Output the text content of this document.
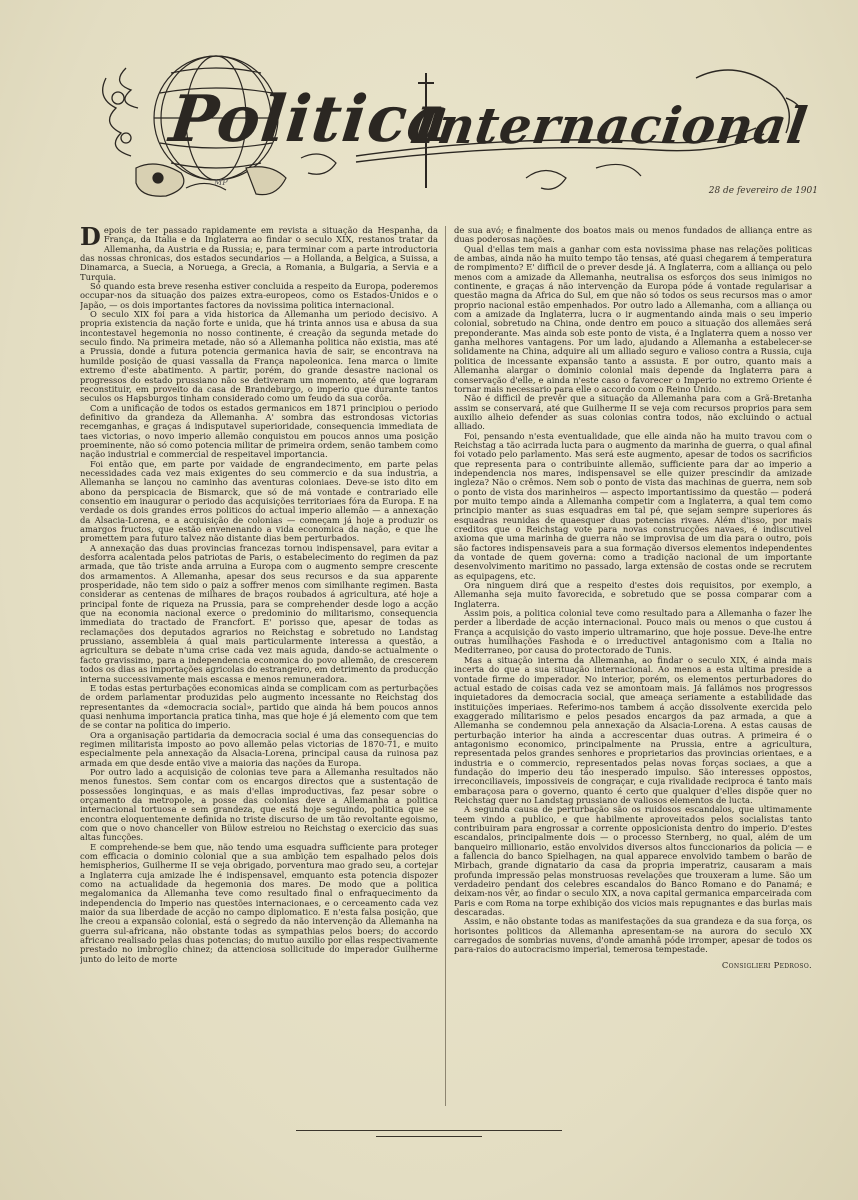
Politica
Internacional
MP
28 de fevereiro de 1901

Depois de ter passado rapidamente em revista a situação da Hespanha, da França, da Italia e da Inglaterra ao findar o seculo XIX, restanos tratar da Allemanha, da Austria e da Russia; e, para terminar com a parte introductoria das nossas chronicas, dos estados secundarios — a Hollanda, a Belgica, a Suissa, a Dinamarca, a Suecia, a Noruega, a Grecia, a Romania, a Bulgaria, a Servia e a Turquia.

Só quando esta breve resenha estiver concluida a respeito da Europa, poderemos occupar-nos da situação dos paizes extra-europeos, como os Estados-Unidos e o Japão, — os dois importantes factores da novissima politica internacional.

O seculo XIX foi para a vida historica da Allemanha um periodo decisivo. A propria existencia da nação forte e unida, que há trinta annos usa e abusa da sua incontestavel hegemonia no nosso continente, é creação da segunda metade do seculo findo. Na primeira metade, não só a Allemanha politica não existia, mas até a Prussia, donde a futura potencia germanica havia de sair, se encontrava na humilde posição de quasi vassalla da França napoleonica. Iena marca o limite extremo d'este abatimento. A partir, porém, do grande desastre nacional os progressos do estado prussiano não se detiveram um momento, até que lograram reconstituir, em proveito da casa de Brandeburgo, o imperio que durante tantos seculos os Hapsburgos tinham considerado como um feudo da sua corôa.

Com a unificação de todos os estados germanicos em 1871 principiou o periodo definitivo da grandeza da Allemanha. A' sombra das estrondosas victorias recemganhas, e graças á indisputavel superioridade, consequencia immediata de taes victorias, o novo imperio allemão conquistou em poucos annos uma posição proeminente, não só como potencia militar de primeira ordem, senão tambem como nação industrial e commercial de respeitavel importancia.

Foi então que, em parte por vaidade de engrandecimento, em parte pelas necessidades cada vez mais exigentes do seu commercio e da sua industria, a Allemanha se lançou no caminho das aventuras coloniaes. Deve-se isto dito em abono da perspicacia de Bismarck, que só de má vontade e contrariado elle consentio em inaugurar o periodo das acquisições territoriaes fóra da Europa. E na verdade os dois grandes erros politicos do actual imperio allemão — a annexação da Alsacia-Lorena, e a acquisição de colonias — começam já hoje a produzir os amargos fructos, que estão envenenando a vida economica da nação, e que lhe promettem para futuro talvez não distante dias bem perturbados.

A annexação das duas provincias francezas tornou indispensavel, para evitar a desforra acalentada pelos patriotas de Paris, o estabelecimento do regimen da paz armada, que tão triste anda arruina a Europa com o augmento sempre crescente dos armamentos. A Allemanha, apesar dos seus recursos e da sua apparente prosperidade, não tem sido o paiz a soffrer menos com similhante regimen. Basta considerar as centenas de milhares de braços roubados á agricultura, até hoje a principal fonte de riqueza na Prussia, para se comprehender desde logo a acção que na economia nacional exerce o predominio do militarismo, consequencia immediata do tractado de Francfort. E' porisso que, apesar de todas as reclamações dos deputados agrarios no Reichstag e sobretudo no Landstag prussiano, assembleia á qual mais particularmente interessa a questão, a agricultura se debate n'uma crise cada vez mais aguda, dando-se actualmente o facto gravissimo, para a independencia economica do povo allemão, de crescerem todos os dias as importações agricolas do estrangeiro, em detrimento da producção interna successivamente mais escassa e menos remuneradora.

E todas estas perturbações economicas ainda se complicam com as perturbações de ordem parlamentar produzidas pelo augmento incessante no Reichstag dos representantes da «democracia social», partido que ainda há bem poucos annos quasi nenhuma importancia pratica tinha, mas que hoje é já elemento com que tem de se contar na politica do imperio.

Ora a organisação partidaria da democracia social é uma das consequencias do regimen militarista imposto ao povo allemão pelas victorias de 1870-71, e muito especialmente pela annexação da Alsacia-Lorena, principal causa da ruinosa paz armada em que desde então vive a maioria das nações da Europa.

Por outro lado a acquisição de colonias teve para a Allemanha resultados não menos funestos. Sem contar com os encargos directos que a sustentação de possessões longinquas, e as mais d'ellas improductivas, faz pesar sobre o orçamento da metropole, a posse das colonias deve a Allemanha a politica internacional tortuosa e sem grandeza, que está hoje seguindo, politica que se encontra eloquentemente definida no triste discurso de um tão revoltante egoismo, com que o novo chanceller von Bülow estreiou no Reichstag o exercicio das suas altas funcções.

E comprehende-se bem que, não tendo uma esquadra sufficiente para proteger com efficacia o dominio colonial que a sua ambição tem espalhado pelos dois hemispherios, Guilherme II se veja obrigado, porventura mao grado seu, a cortejar a Inglaterra cuja amizade lhe é indispensavel, emquanto esta potencia dispozer como na actualidade da hegemonia dos mares. De modo que a politica megalomanica da Allemanha teve como resultado final o enfraquecimento da independencia do Imperio nas questões internacionaes, e o cerceamento cada vez maior da sua liberdade de acção no campo diplomatico. E n'esta falsa posição, que lhe creou a expansão colonial, está o segredo da não intervenção da Allemanha na guerra sul-africana, não obstante todas as sympathias pelos boers; do accordo africano realisado pelas duas potencias; do mutuo auxilio por ellas respectivamente prestado no imbroglio chinez; da attenciosa sollicitude do imperador Guilherme junto do leito de morte

de sua avó; e finalmente dos boatos mais ou menos fundados de alliança entre as duas poderosas nações.

Qual d'ellas tem mais a ganhar com esta novissima phase nas relações politicas de ambas, ainda não ha muito tempo tão tensas, até quasi chegarem á temperatura de rompimento? E' difficil de o prever desde já. A Inglaterra, com a alliança ou pelo menos com a amizade da Allemanha, neutralisa os esforços dos seus inimigos no continente, e graças á não intervenção da Europa póde á vontade regularisar a questão magna da Africa do Sul, em que não só todos os seus recursos mas o amor proprio nacional estão empenhados. Por outro lado a Allemanha, com a alliança ou com a amizade da Inglaterra, lucra o ir augmentando ainda mais o seu imperio colonial, sobretudo na China, onde dentro em pouco a situação dos allemães será preponderante. Mas ainda sob este ponto de vista, é a Inglaterra quem a nosso ver ganha melhores vantagens. Por um lado, ajudando a Allemanha a estabelecer-se solidamente na China, adquire ali um alliado seguro e valioso contra a Russia, cuja politica de incessante expansão tanto a assusta. E por outro, quanto mais a Allemanha alargar o dominio colonial mais depende da Inglaterra para a conservação d'elle, e ainda n'este caso o favorecer o Imperio no extremo Oriente é tornar mais necessario para elle o accordo com o Reino Unido.

Não é difficil de prevêr que a situação da Allemanha para com a Grã-Bretanha assim se conservará, até que Guilherme II se veja com recursos proprios para sem auxilio alheio defender as suas colonias contra todos, não excluindo o actual alliado.

Foi, pensando n'esta eventualidade, que elle ainda não ha muito travou com o Reichstag a tão acirrada lucta para o augmento da marinha de guerra, o qual afinal foi votado pelo parlamento. Mas será este augmento, apesar de todos os sacrificios que representa para o contribuinte allemão, sufficiente para dar ao imperio a independencia nos mares, indispensavel se elle quizer prescindir da amizade ingleza? Não o crêmos. Nem sob o ponto de vista das machinas de guerra, nem sob o ponto de vista dos marinheiros — aspecto importantissimo da questão — poderá por muito tempo ainda a Allemanha competir com a Inglaterra, a qual tem como principio manter as suas esquadras em tal pé, que sejam sempre superiores ás esquadras reunidas de quaesquer duas potencias rivaes. Além d'isso, por mais creditos que o Reichstag vote para novas construcções navaes, é indiscutivel axioma que uma marinha de guerra não se improvisa de um dia para o outro, pois são factores indispensaveis para a sua formação diversos elementos independentes da vontade de quem governa: como a tradição nacional de um importante desenvolvimento maritimo no passado, larga extensão de costas onde se recrutem as equipagens, etc.

Ora ninguem dirá que a respeito d'estes dois requisitos, por exemplo, a Allemanha seja muito favorecida, e sobretudo que se possa comparar com a Inglaterra.

Assim pois, a politica colonial teve como resultado para a Allemanha o fazer lhe perder a liberdade de acção internacional. Pouco mais ou menos o que custou á França a acquisição do vasto imperio ultramarino, que hoje possue. Deve-lhe entre outras humilhações Fashoda e o irreductivel antagonismo com a Italia no Mediterraneo, por causa do protectorado de Tunis.

Mas a situação interna da Allemanha, ao findar o seculo XIX, é ainda mais incerta do que a sua situação internacional. Ao menos a esta ultima preside a vontade firme do imperador. No interior, porém, os elementos perturbadores do actual estado de coisas cada vez se amontoam mais. Já fallámos nos progressos inquietadores da democracia social, que ameaça seriamente a estabilidade das instituições imperiaes. Referimo-nos tambem á acção dissolvente exercida pelo exaggerado militarismo e pelos pesados encargos da paz armada, a que a Allemanha se condemnou pela annexação da Alsacia-Lorena. A estas causas de perturbação interior ha ainda a accrescentar duas outras. A primeira é o antagonismo economico, principalmente na Prussia, entre a agricultura, representada pelos grandes senhores e proprietarios das provincias orientaes, e a industria e o commercio, representados pelas novas forças sociaes, a que a fundação do imperio deu tão inesperado impulso. São interesses oppostos, irreconciliaveis, impossiveis de congraçar, e cuja rivalidade reciproca é tanto mais embaraçosa para o governo, quanto é certo que qualquer d'elles dispõe quer no Reichstag quer no Landstag prussiano de valiosos elementos de lucta.

A segunda causa de perturbação são os ruidosos escandalos, que ultimamente teem vindo a publico, e que habilmente aproveitados pelos socialistas tanto contribuiram para engrossar a corrente opposicionista dentro do imperio. D'estes escandalos, principalmente dois — o processo Sternberg, no qual, além de um banqueiro millionario, estão envolvidos diversos altos funccionarios da policia — e a fallencia do banco Spielhagen, na qual apparece envolvido tambem o barão de Mirbach, grande dignatario da casa da propria imperatriz, causaram a mais profunda impressão pelas monstruosas revelações que trouxeram a lume. São um verdadeiro pendant dos celebres escandalos do Banco Romano e do Panamá; e deixam-nos vêr, ao findar o seculo XIX, a nova capital germanica emparceirada com Paris e com Roma na torpe exhibição dos vicios mais repugnantes e das burlas mais descaradas.

Assim, e não obstante todas as manifestações da sua grandeza e da sua força, os horisontes politicos da Allemanha apresentam-se na aurora do seculo XX carregados de sombrias nuvens, d'onde amanhã póde irromper, apesar de todos os para-raios do autocracismo imperial, temerosa tempestade.

Consiglieri Pedroso.
